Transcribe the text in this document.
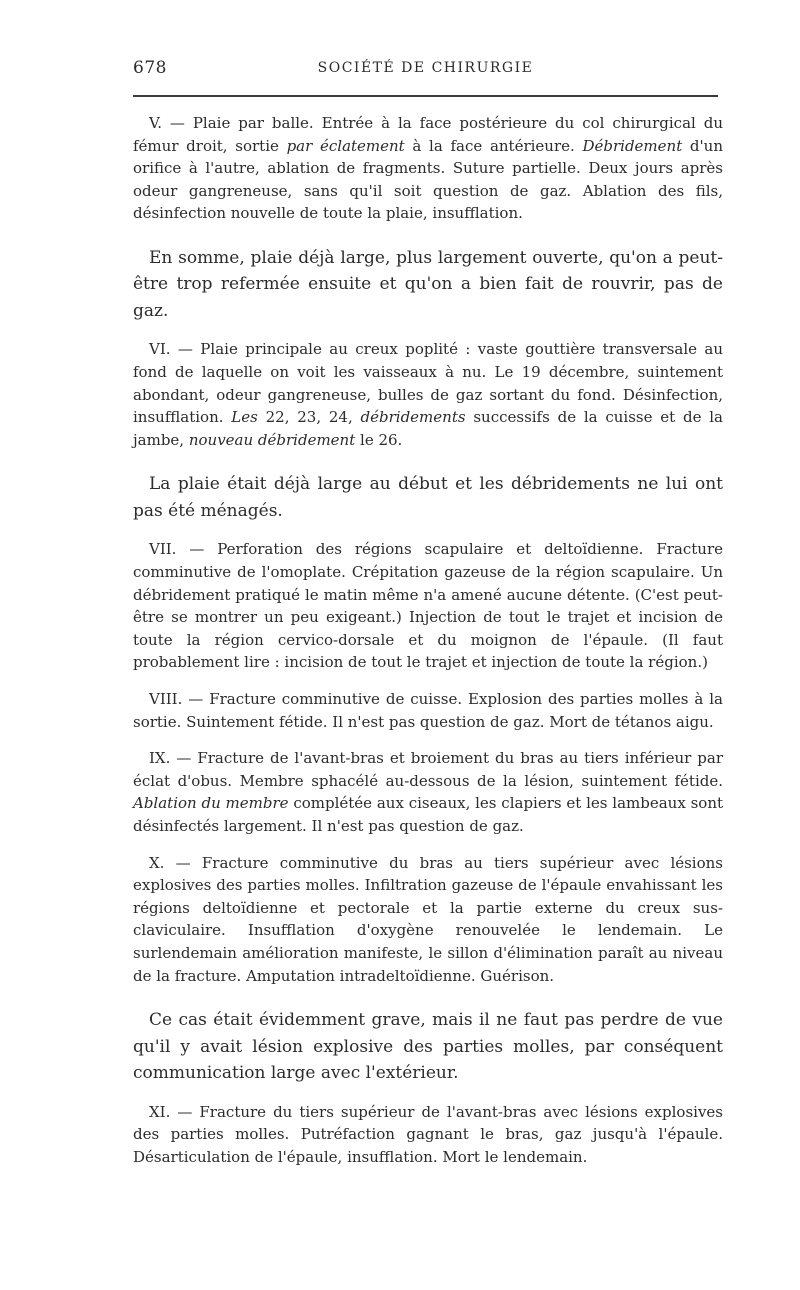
678	SOCIÉTÉ DE CHIRURGIE

V. — Plaie par balle. Entrée à la face postérieure du col chirurgical du fémur droit, sortie par éclatement à la face antérieure. Débridement d'un orifice à l'autre, ablation de fragments. Suture partielle. Deux jours après odeur gangreneuse, sans qu'il soit question de gaz. Ablation des fils, désinfection nouvelle de toute la plaie, insufflation.

En somme, plaie déjà large, plus largement ouverte, qu'on a peut-être trop refermée ensuite et qu'on a bien fait de rouvrir, pas de gaz.

VI. — Plaie principale au creux poplité : vaste gouttière transversale au fond de laquelle on voit les vaisseaux à nu. Le 19 décembre, suintement abondant, odeur gangreneuse, bulles de gaz sortant du fond. Désinfection, insufflation. Les 22, 23, 24, débridements successifs de la cuisse et de la jambe, nouveau débridement le 26.

La plaie était déjà large au début et les débridements ne lui ont pas été ménagés.

VII. — Perforation des régions scapulaire et deltoïdienne. Fracture comminutive de l'omoplate. Crépitation gazeuse de la région scapulaire. Un débridement pratiqué le matin même n'a amené aucune détente. (C'est peut-être se montrer un peu exigeant.) Injection de tout le trajet et incision de toute la région cervico-dorsale et du moignon de l'épaule. (Il faut probablement lire : incision de tout le trajet et injection de toute la région.)

VIII. — Fracture comminutive de cuisse. Explosion des parties molles à la sortie. Suintement fétide. Il n'est pas question de gaz. Mort de tétanos aigu.

IX. — Fracture de l'avant-bras et broiement du bras au tiers inférieur par éclat d'obus. Membre sphacélé au-dessous de la lésion, suintement fétide. Ablation du membre complétée aux ciseaux, les clapiers et les lambeaux sont désinfectés largement. Il n'est pas question de gaz.

X. — Fracture comminutive du bras au tiers supérieur avec lésions explosives des parties molles. Infiltration gazeuse de l'épaule envahissant les régions deltoïdienne et pectorale et la partie externe du creux sus-claviculaire. Insufflation d'oxygène renouvelée le lendemain. Le surlendemain amélioration manifeste, le sillon d'élimination paraît au niveau de la fracture. Amputation intradeltoïdienne. Guérison.

Ce cas était évidemment grave, mais il ne faut pas perdre de vue qu'il y avait lésion explosive des parties molles, par conséquent communication large avec l'extérieur.

XI. — Fracture du tiers supérieur de l'avant-bras avec lésions explosives des parties molles. Putréfaction gagnant le bras, gaz jusqu'à l'épaule. Désarticulation de l'épaule, insufflation. Mort le lendemain.
